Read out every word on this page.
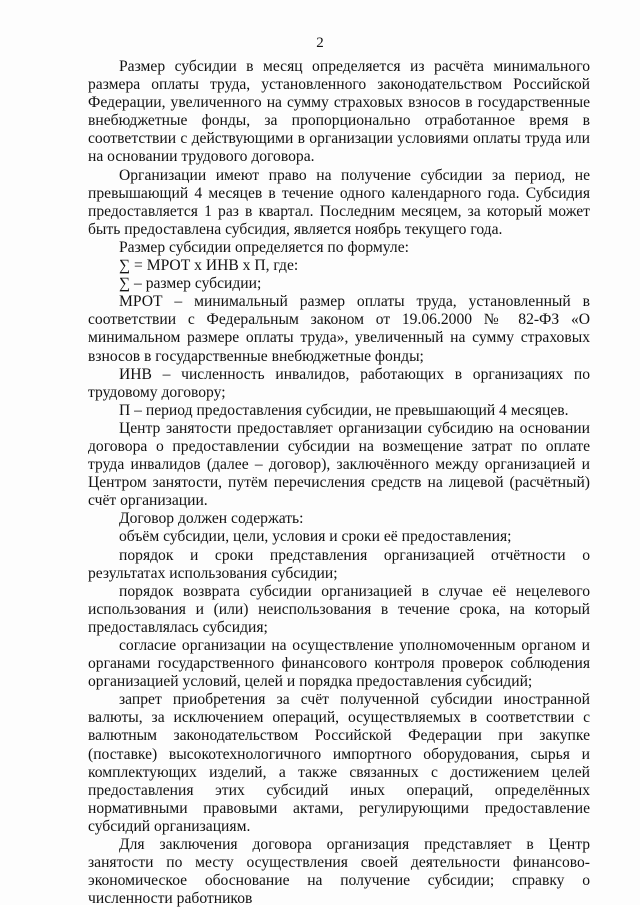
2

Размер субсидии в месяц определяется из расчёта минимального размера оплаты труда, установленного законодательством Российской Федерации, увеличенного на сумму страховых взносов в государственные внебюджетные фонды, за пропорционально отработанное время в соответствии с действующими в организации условиями оплаты труда или на основании трудового договора.

Организации имеют право на получение субсидии за период, не превышающий 4 месяцев в течение одного календарного года. Субсидия предоставляется 1 раз в квартал. Последним месяцем, за который может быть предоставлена субсидия, является ноябрь текущего года.

Размер субсидии определяется по формуле:

∑ = МРОТ х ИНВ х П, где:

∑ – размер субсидии;

МРОТ – минимальный размер оплаты труда, установленный в соответствии с Федеральным законом от 19.06.2000 № 82-ФЗ «О минимальном размере оплаты труда», увеличенный на сумму страховых взносов в государственные внебюджетные фонды;

ИНВ – численность инвалидов, работающих в организациях по трудовому договору;

П – период предоставления субсидии, не превышающий 4 месяцев.

Центр занятости предоставляет организации субсидию на основании договора о предоставлении субсидии на возмещение затрат по оплате труда инвалидов (далее – договор), заключённого между организацией и Центром занятости, путём перечисления средств на лицевой (расчётный) счёт организации.

Договор должен содержать:

объём субсидии, цели, условия и сроки её предоставления;

порядок и сроки представления организацией отчётности о результатах использования субсидии;

порядок возврата субсидии организацией в случае её нецелевого использования и (или) неиспользования в течение срока, на который предоставлялась субсидия;

согласие организации на осуществление уполномоченным органом и органами государственного финансового контроля проверок соблюдения организацией условий, целей и порядка предоставления субсидий;

запрет приобретения за счёт полученной субсидии иностранной валюты, за исключением операций, осуществляемых в соответствии с валютным законодательством Российской Федерации при закупке (поставке) высокотехнологичного импортного оборудования, сырья и комплектующих изделий, а также связанных с достижением целей предоставления этих субсидий иных операций, определённых нормативными правовыми актами, регулирующими предоставление субсидий организациям.

Для заключения договора организация представляет в Центр занятости по месту осуществления своей деятельности финансово-экономическое обоснование на получение субсидии; справку о численности работников
